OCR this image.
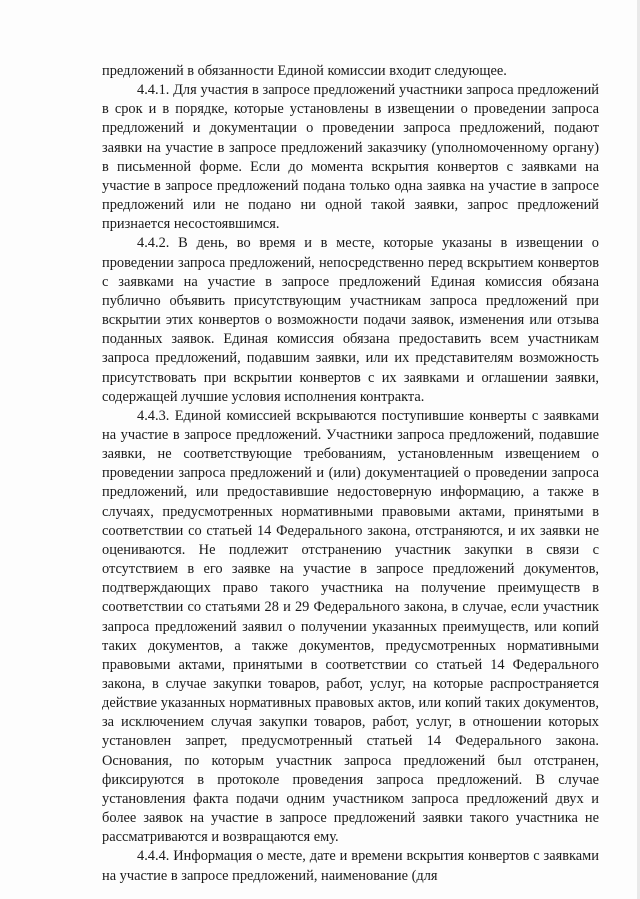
предложений в обязанности Единой комиссии входит следующее.

4.4.1. Для участия в запросе предложений участники запроса предложений в срок и в порядке, которые установлены в извещении о проведении запроса предложений и документации о проведении запроса предложений, подают заявки на участие в запросе предложений заказчику (уполномоченному органу) в письменной форме. Если до момента вскрытия конвертов с заявками на участие в запросе предложений подана только одна заявка на участие в запросе предложений или не подано ни одной такой заявки, запрос предложений признается несостоявшимся.

4.4.2. В день, во время и в месте, которые указаны в извещении о проведении запроса предложений, непосредственно перед вскрытием конвертов с заявками на участие в запросе предложений Единая комиссия обязана публично объявить присутствующим участникам запроса предложений при вскрытии этих конвертов о возможности подачи заявок, изменения или отзыва поданных заявок. Единая комиссия обязана предоставить всем участникам запроса предложений, подавшим заявки, или их представителям возможность присутствовать при вскрытии конвертов с их заявками и оглашении заявки, содержащей лучшие условия исполнения контракта.

4.4.3. Единой комиссией вскрываются поступившие конверты с заявками на участие в запросе предложений. Участники запроса предложений, подавшие заявки, не соответствующие требованиям, установленным извещением о проведении запроса предложений и (или) документацией о проведении запроса предложений, или предоставившие недостоверную информацию, а также в случаях, предусмотренных нормативными правовыми актами, принятыми в соответствии со статьей 14 Федерального закона, отстраняются, и их заявки не оцениваются. Не подлежит отстранению участник закупки в связи с отсутствием в его заявке на участие в запросе предложений документов, подтверждающих право такого участника на получение преимуществ в соответствии со статьями 28 и 29 Федерального закона, в случае, если участник запроса предложений заявил о получении указанных преимуществ, или копий таких документов, а также документов, предусмотренных нормативными правовыми актами, принятыми в соответствии со статьей 14 Федерального закона, в случае закупки товаров, работ, услуг, на которые распространяется действие указанных нормативных правовых актов, или копий таких документов, за исключением случая закупки товаров, работ, услуг, в отношении которых установлен запрет, предусмотренный статьей 14 Федерального закона. Основания, по которым участник запроса предложений был отстранен, фиксируются в протоколе проведения запроса предложений. В случае установления факта подачи одним участником запроса предложений двух и более заявок на участие в запросе предложений заявки такого участника не рассматриваются и возвращаются ему.

4.4.4. Информация о месте, дате и времени вскрытия конвертов с заявками на участие в запросе предложений, наименование (для
